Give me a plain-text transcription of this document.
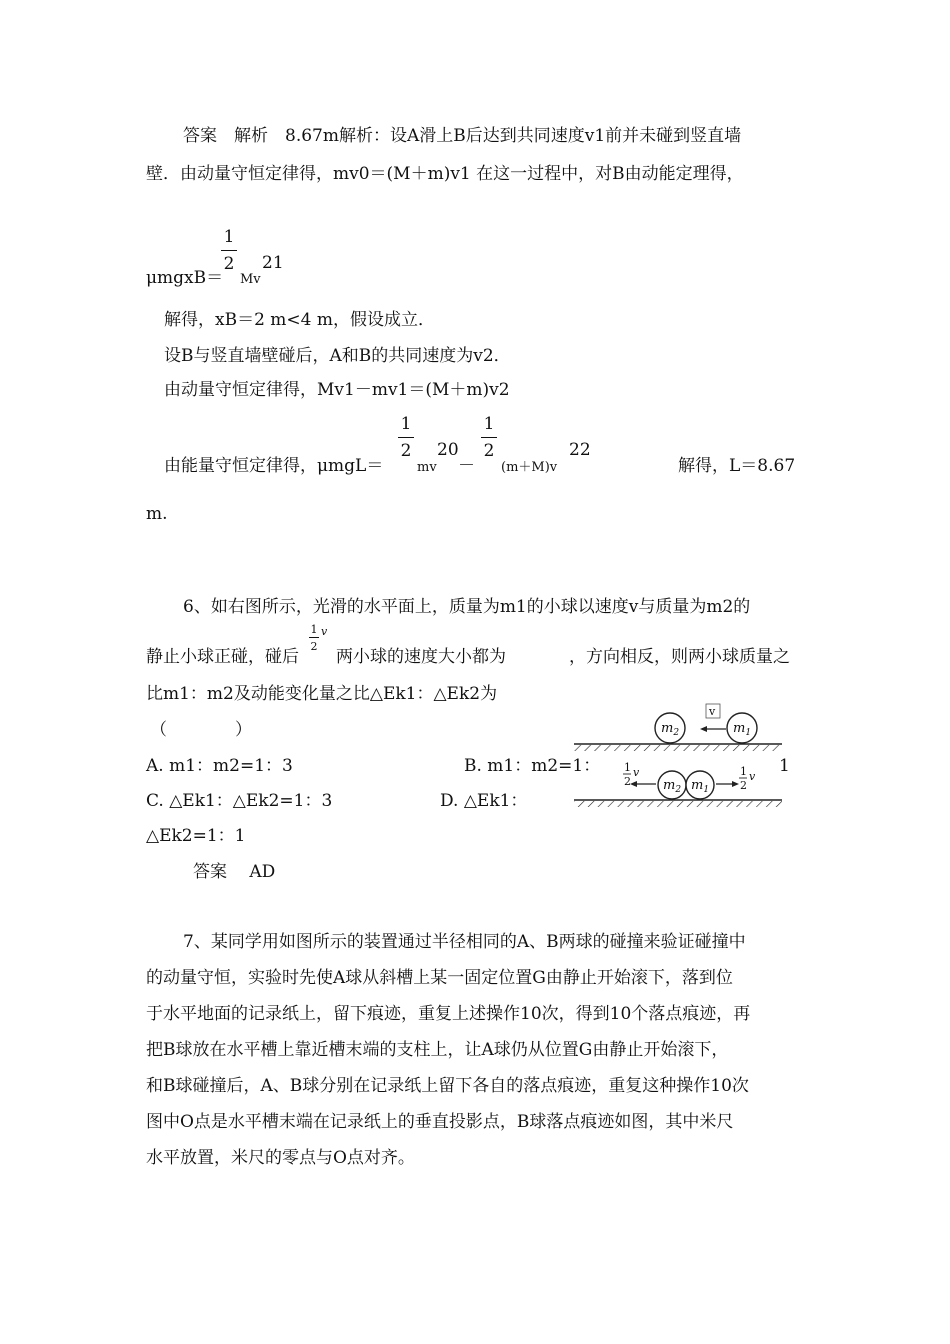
答案　解析　8.67m解析：设A滑上B后达到共同速度v1前并未碰到竖直墙
壁．由动量守恒定律得，mv0＝(M＋m)v1 在这一过程中，对B由动能定理得，
μmgxB＝
1
2
Mv
21
解得，xB＝2 m<4 m，假设成立．
设B与竖直墙壁碰后，A和B的共同速度为v2．
由动量守恒定律得，Mv1－mv1＝(M＋m)v2
由能量守恒定律得，μmgL＝
1
2
mv
20
－
1
2
(m＋M)v
22
解得，L＝8.67
m.
6、如右图所示，光滑的水平面上，质量为m1的小球以速度v与质量为m2的
静止小球正碰，碰后
1
2
v
两小球的速度大小都为	，方向相反，则两小球质量之
比m1：m2及动能变化量之比△Ek1：△Ek2为
（　　　　）
A. m1：m2=1：3	B. m1：m2=1：	1
C. △Ek1：△Ek2=1：3	D. △Ek1：
△Ek2=1：1
答案　 AD
$m_2$	$m_1$
v
$m_2$ $m_1$
1
2
v	1
2
v
7、某同学用如图所示的装置通过半径相同的A、B两球的碰撞来验证碰撞中
的动量守恒，实验时先使A球从斜槽上某一固定位置G由静止开始滚下，落到位
于水平地面的记录纸上，留下痕迹，重复上述操作10次，得到10个落点痕迹，再
把B球放在水平槽上靠近槽末端的支柱上，让A球仍从位置G由静止开始滚下，
和B球碰撞后，A、B球分别在记录纸上留下各自的落点痕迹，重复这种操作10次
图中O点是水平槽末端在记录纸上的垂直投影点，B球落点痕迹如图，其中米尺
水平放置，米尺的零点与O点对齐。
